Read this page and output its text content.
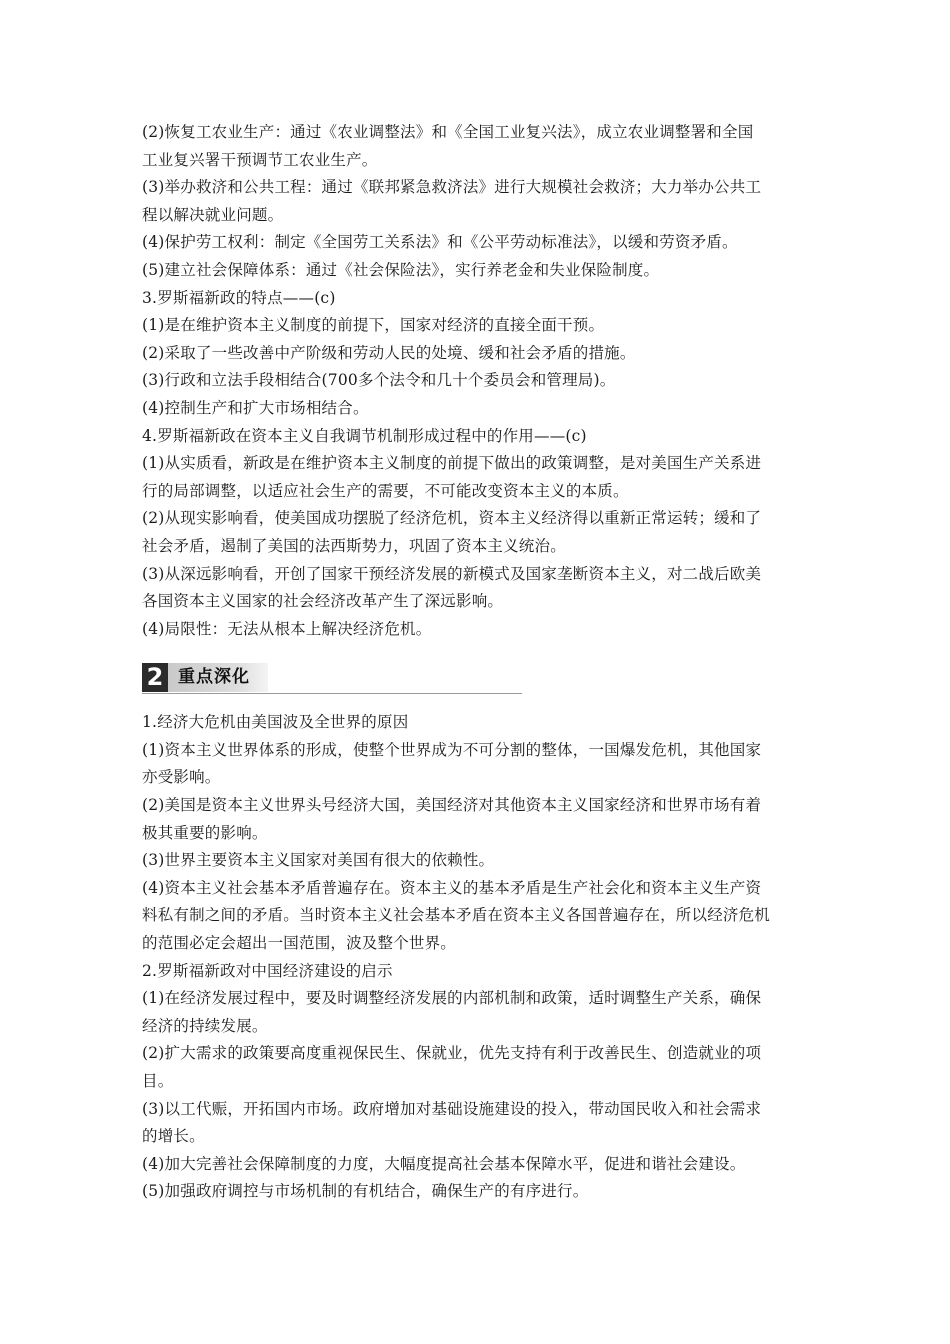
(2)恢复工农业生产：通过《农业调整法》和《全国工业复兴法》，成立农业调整署和全国
工业复兴署干预调节工农业生产。
(3)举办救济和公共工程：通过《联邦紧急救济法》进行大规模社会救济；大力举办公共工
程以解决就业问题。
(4)保护劳工权利：制定《全国劳工关系法》和《公平劳动标准法》，以缓和劳资矛盾。
(5)建立社会保障体系：通过《社会保险法》，实行养老金和失业保险制度。
3.罗斯福新政的特点——(c)
(1)是在维护资本主义制度的前提下，国家对经济的直接全面干预。
(2)采取了一些改善中产阶级和劳动人民的处境、缓和社会矛盾的措施。
(3)行政和立法手段相结合(700多个法令和几十个委员会和管理局)。
(4)控制生产和扩大市场相结合。
4.罗斯福新政在资本主义自我调节机制形成过程中的作用——(c)
(1)从实质看，新政是在维护资本主义制度的前提下做出的政策调整，是对美国生产关系进
行的局部调整，以适应社会生产的需要，不可能改变资本主义的本质。
(2)从现实影响看，使美国成功摆脱了经济危机，资本主义经济得以重新正常运转；缓和了
社会矛盾，遏制了美国的法西斯势力，巩固了资本主义统治。
(3)从深远影响看，开创了国家干预经济发展的新模式及国家垄断资本主义，对二战后欧美
各国资本主义国家的社会经济改革产生了深远影响。
(4)局限性：无法从根本上解决经济危机。
2 重点深化
1.经济大危机由美国波及全世界的原因
(1)资本主义世界体系的形成，使整个世界成为不可分割的整体，一国爆发危机，其他国家
亦受影响。
(2)美国是资本主义世界头号经济大国，美国经济对其他资本主义国家经济和世界市场有着
极其重要的影响。
(3)世界主要资本主义国家对美国有很大的依赖性。
(4)资本主义社会基本矛盾普遍存在。资本主义的基本矛盾是生产社会化和资本主义生产资
料私有制之间的矛盾。当时资本主义社会基本矛盾在资本主义各国普遍存在，所以经济危机
的范围必定会超出一国范围，波及整个世界。
2.罗斯福新政对中国经济建设的启示
(1)在经济发展过程中，要及时调整经济发展的内部机制和政策，适时调整生产关系，确保
经济的持续发展。
(2)扩大需求的政策要高度重视保民生、保就业，优先支持有利于改善民生、创造就业的项
目。
(3)以工代赈，开拓国内市场。政府增加对基础设施建设的投入，带动国民收入和社会需求
的增长。
(4)加大完善社会保障制度的力度，大幅度提高社会基本保障水平，促进和谐社会建设。
(5)加强政府调控与市场机制的有机结合，确保生产的有序进行。
